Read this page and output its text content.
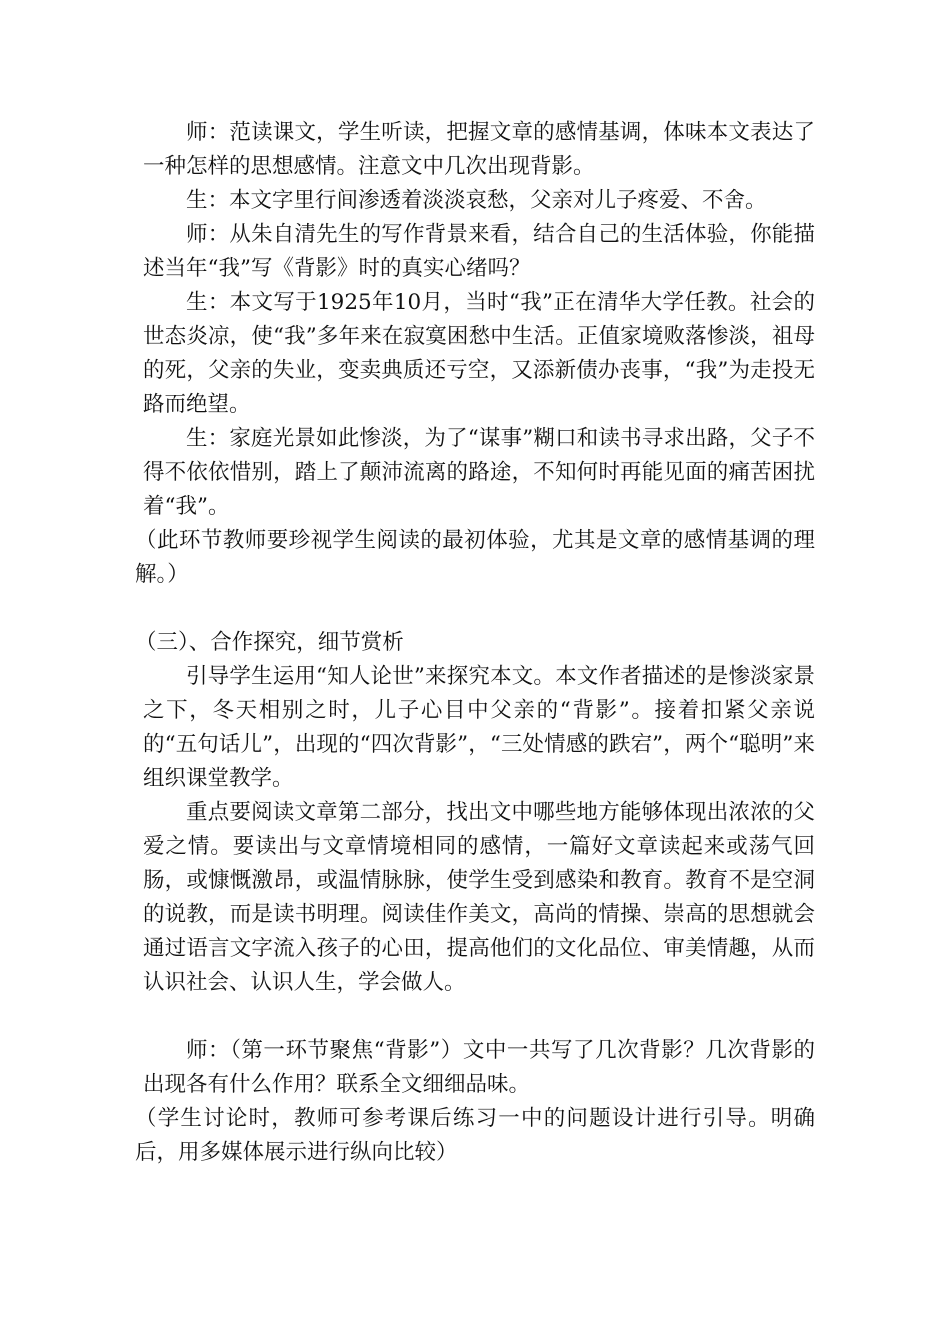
师：范读课文，学生听读，把握文章的感情基调，体味本文表达了一种怎样的思想感情。注意文中几次出现背影。

生：本文字里行间渗透着淡淡哀愁，父亲对儿子疼爱、不舍。

师：从朱自清先生的写作背景来看，结合自己的生活体验，你能描述当年“我”写《背影》时的真实心绪吗？

生：本文写于1925年10月，当时“我”正在清华大学任教。社会的世态炎凉，使“我”多年来在寂寞困愁中生活。正值家境败落惨淡，祖母的死，父亲的失业，变卖典质还亏空，又添新债办丧事，“我”为走投无路而绝望。

生：家庭光景如此惨淡，为了“谋事”糊口和读书寻求出路，父子不得不依依惜别，踏上了颠沛流离的路途，不知何时再能见面的痛苦困扰着“我”。

（此环节教师要珍视学生阅读的最初体验，尤其是文章的感情基调的理解。）

（三）、合作探究，细节赏析

引导学生运用“知人论世”来探究本文。本文作者描述的是惨淡家景之下，冬天相别之时，儿子心目中父亲的“背影”。接着扣紧父亲说的“五句话儿”，出现的“四次背影”，“三处情感的跌宕”，两个“聪明”来组织课堂教学。

重点要阅读文章第二部分，找出文中哪些地方能够体现出浓浓的父爱之情。要读出与文章情境相同的感情，一篇好文章读起来或荡气回肠，或慷慨激昂，或温情脉脉，使学生受到感染和教育。教育不是空洞的说教，而是读书明理。阅读佳作美文，高尚的情操、崇高的思想就会通过语言文字流入孩子的心田，提高他们的文化品位、审美情趣，从而认识社会、认识人生，学会做人。

师：（第一环节聚焦“背影”）文中一共写了几次背影？几次背影的出现各有什么作用？联系全文细细品味。

（学生讨论时，教师可参考课后练习一中的问题设计进行引导。明确后，用多媒体展示进行纵向比较）
